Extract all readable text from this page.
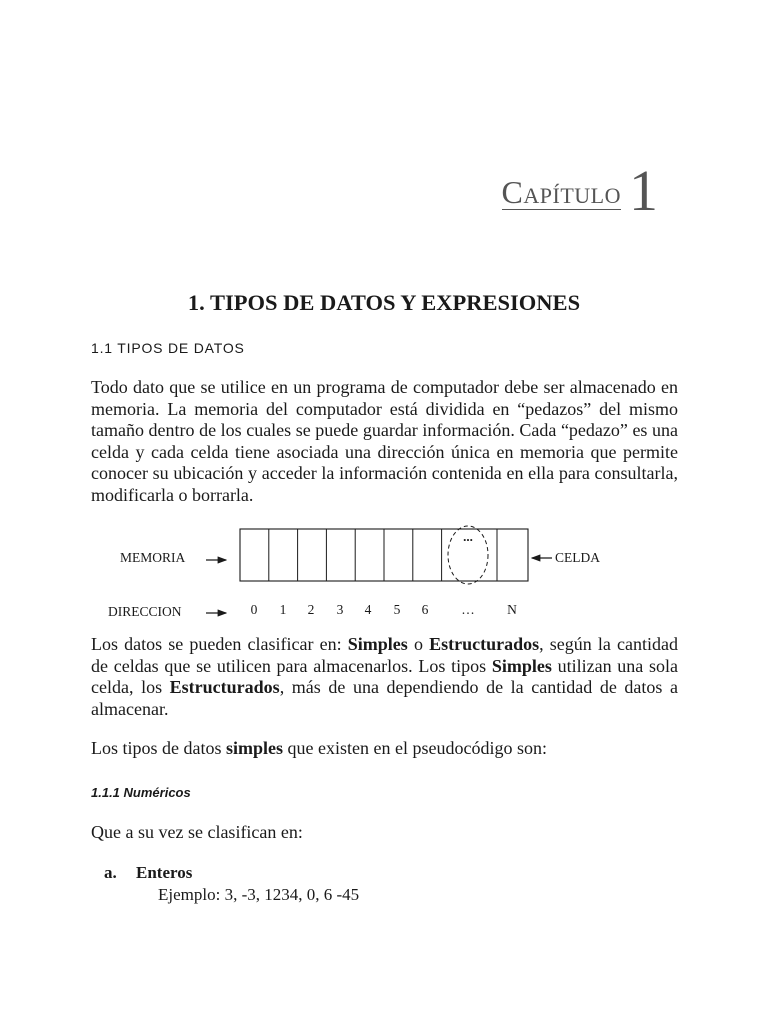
Capítulo 1
1. TIPOS DE DATOS Y EXPRESIONES
1.1 TIPOS DE DATOS
Todo dato que se utilice en un programa de computador debe ser almacenado en memoria. La memoria del computador está dividida en “pedazos” del mismo tamaño dentro de los cuales se puede guardar información. Cada “pedazo” es una celda y cada celda tiene asociada una dirección única en memoria que permite conocer su ubicación y acceder la información contenida en ella para consultarla, modificarla o borrarla.
MEMORIA
...
CELDA
DIRECCION	0 1 2 3 4 5 6 … N
Los datos se pueden clasificar en: Simples o Estructurados, según la cantidad de celdas que se utilicen para almacenarlos. Los tipos Simples utilizan una sola celda, los Estructurados, más de una dependiendo de la cantidad de datos a almacenar.
Los tipos de datos simples que existen en el pseudocódigo son:
1.1.1 Numéricos
Que a su vez se clasifican en:
a. Enteros
Ejemplo: 3, -3, 1234, 0, 6 -45
